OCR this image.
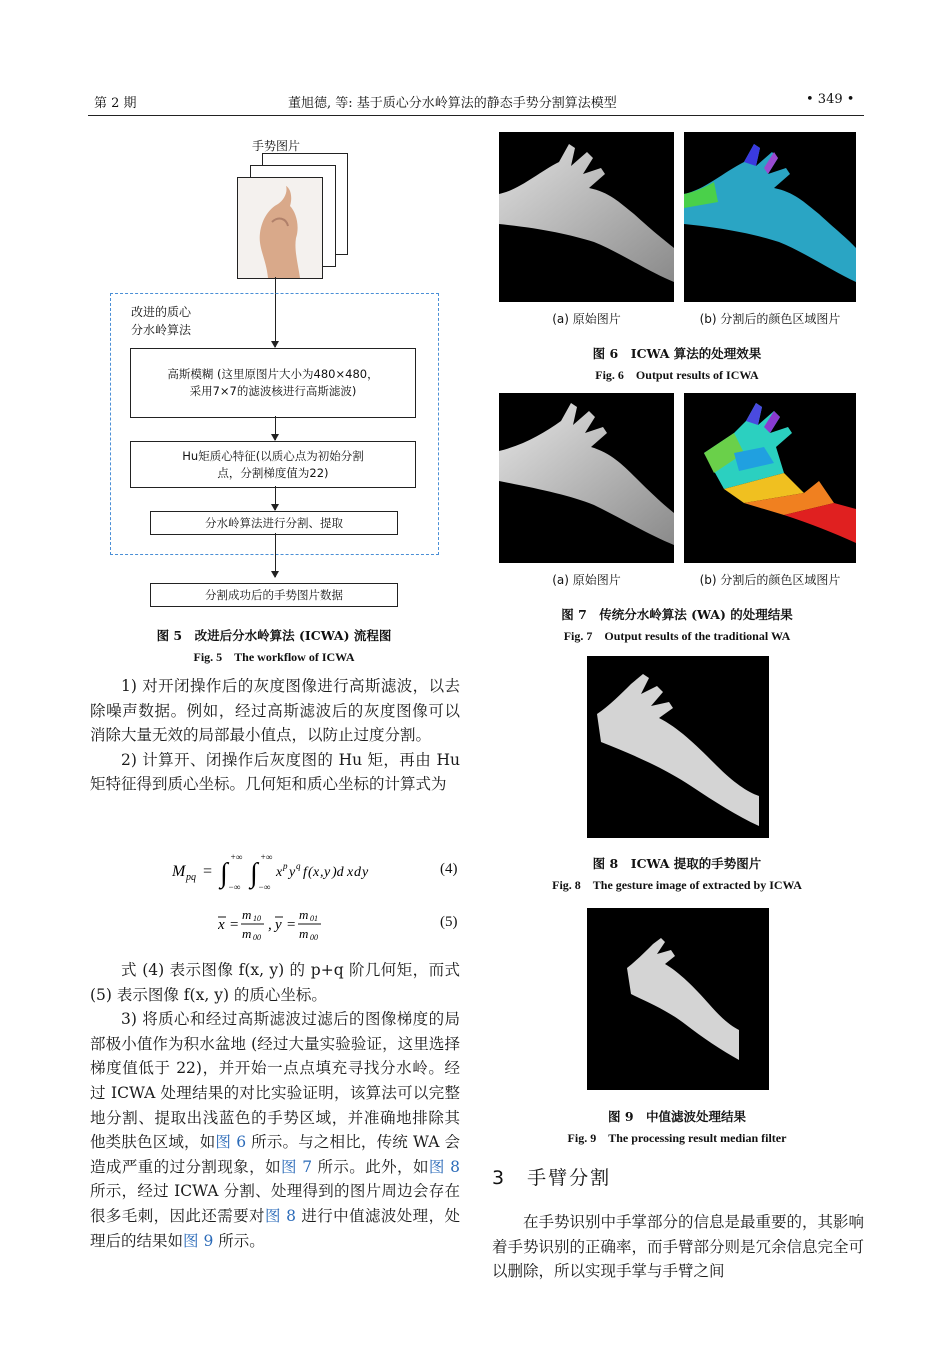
第 2 期	董旭德, 等: 基于质心分水岭算法的静态手势分割算法模型	• 349 •
手势图片
改进的质心
分水岭算法
高斯模糊 (这里原图片大小为480×480，
采用7×7的滤波核进行高斯滤波)
Hu矩质心特征(以质心点为初始分割
点，分割梯度值为22)
分水岭算法进行分割、提取
分割成功后的手势图片数据
图 5　改进后分水岭算法 (ICWA) 流程图
Fig. 5　The workflow of ICWA

1) 对开闭操作后的灰度图像进行高斯滤波，以去除噪声数据。例如，经过高斯滤波后的灰度图像可以消除大量无效的局部最小值点，以防止过度分割。

2) 计算开、闭操作后灰度图的 Hu 矩，再由 Hu 矩特征得到质心坐标。几何矩和质心坐标的计算式为

M pq = ∫
+∞
−∞ ∫
+∞
−∞
x p y q f ( x , y )d x d y	(4)
x =
m 10
m 00
, y =
m 01
m 00
(5)

式 (4) 表示图像 f(x, y) 的 p+q 阶几何矩，而式 (5) 表示图像 f(x, y) 的质心坐标。

3) 将质心和经过高斯滤波过滤后的图像梯度的局部极小值作为积水盆地 (经过大量实验验证，这里选择梯度值低于 22)，并开始一点点填充寻找分水岭。经过 ICWA 处理结果的对比实验证明，该算法可以完整地分割、提取出浅蓝色的手势区域，并准确地排除其他类肤色区域，如图 6 所示。与之相比，传统 WA 会造成严重的过分割现象，如图 7 所示。此外，如图 8 所示，经过 ICWA 分割、处理得到的图片周边会存在很多毛刺，因此还需要对图 8 进行中值滤波处理，处理后的结果如图 9 所示。

(a) 原始图片	(b) 分割后的颜色区域图片
图 6　ICWA 算法的处理效果
Fig. 6　Output results of ICWA
(a) 原始图片	(b) 分割后的颜色区域图片
图 7　传统分水岭算法 (WA) 的处理结果
Fig. 7　Output results of the traditional WA
图 8　ICWA 提取的手势图片
Fig. 8　The gesture image of extracted by ICWA
图 9　中值滤波处理结果
Fig. 9　The processing result median filter
3　手臂分割

在手势识别中手掌部分的信息是最重要的，其影响着手势识别的正确率，而手臂部分则是冗余信息完全可以删除，所以实现手掌与手臂之间
